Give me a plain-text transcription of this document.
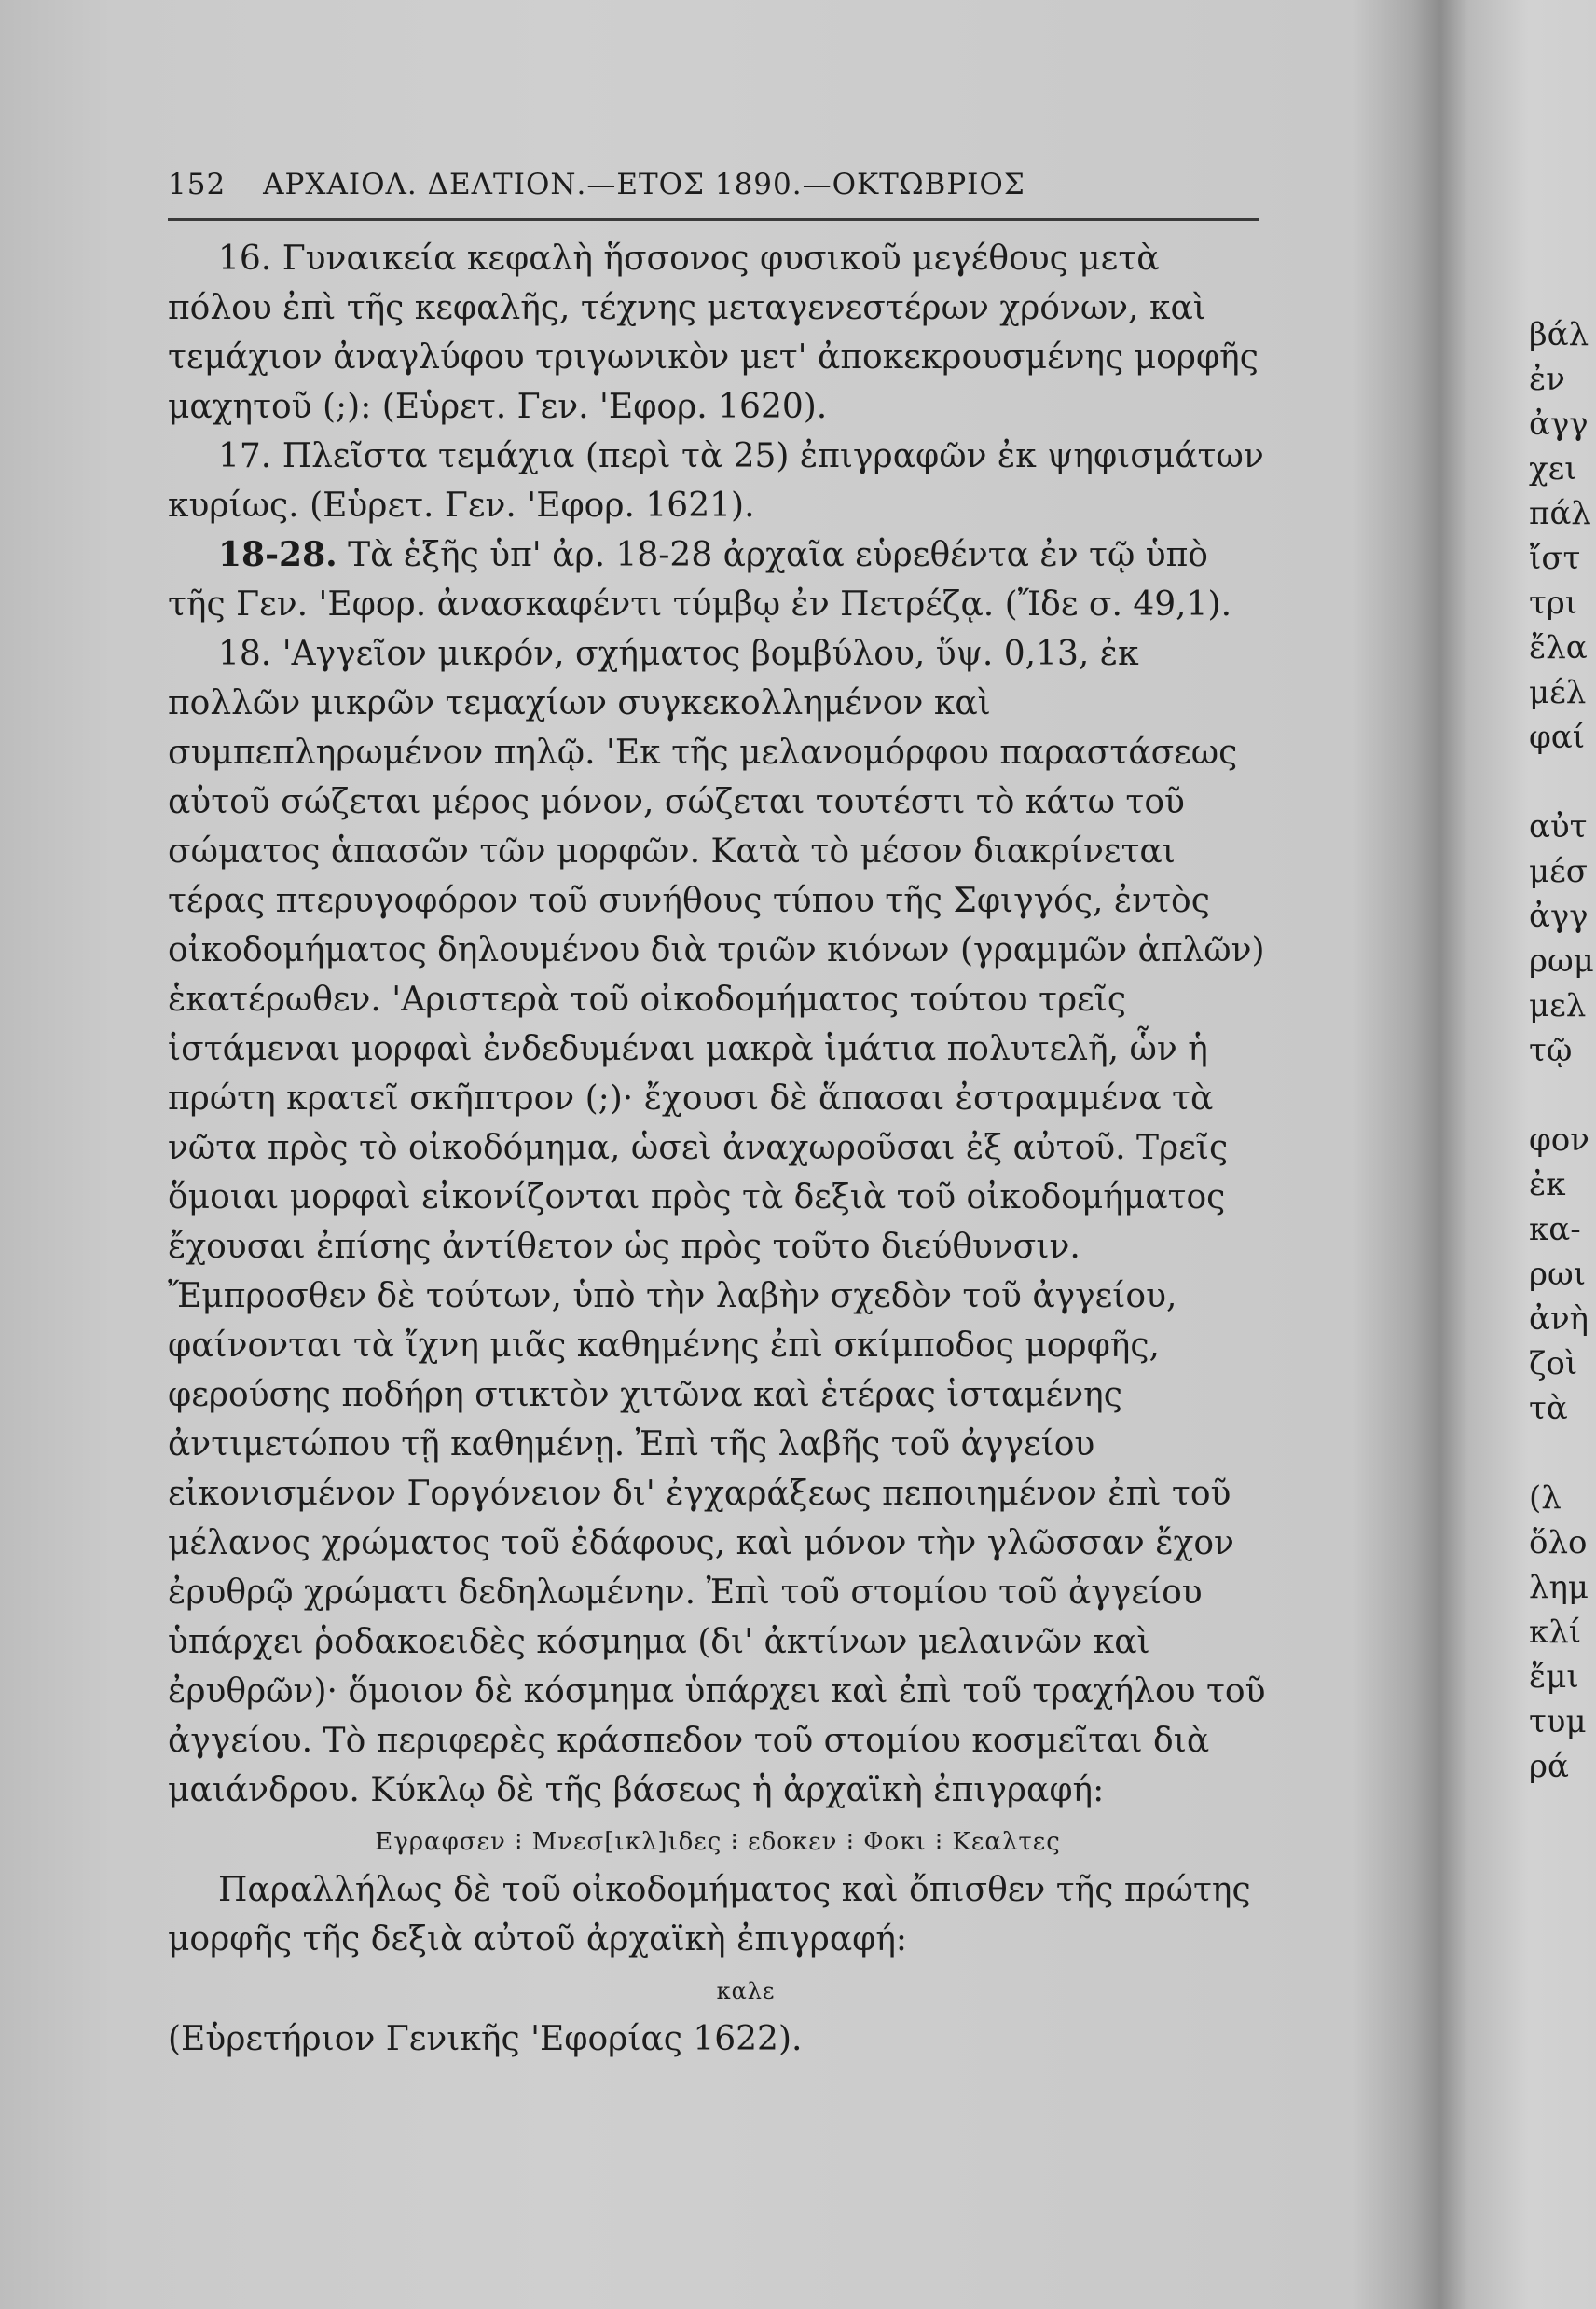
152 ΑΡΧΑΙΟΛ. ΔΕΛΤΙΟΝ.—ΕΤΟΣ 1890.—ΟΚΤΩΒΡΙΟΣ

16. Γυναικεία κεφαλὴ ἥσσονος φυσικοῦ μεγέθους μετὰ πόλου ἐπὶ τῆς κεφαλῆς, τέχνης μεταγενεστέρων χρόνων, καὶ τεμάχιον ἀναγλύφου τριγωνικὸν μετ' ἀποκεκρουσμένης μορφῆς μαχητοῦ (;): (Εὑρετ. Γεν. 'Εφορ. 1620).

17. Πλεῖστα τεμάχια (περὶ τὰ 25) ἐπιγραφῶν ἐκ ψηφισμάτων κυρίως. (Εὑρετ. Γεν. 'Εφορ. 1621).

18-28. Τὰ ἑξῆς ὑπ' ἀρ. 18-28 ἀρχαῖα εὑρεθέντα ἐν τῷ ὑπὸ τῆς Γεν. 'Εφορ. ἀνασκαφέντι τύμβῳ ἐν Πετρέζᾳ. (Ἴδε σ. 49,1).

18. 'Αγγεῖον μικρόν, σχήματος βομβύλου, ὕψ. 0,13, ἐκ πολλῶν μικρῶν τεμαχίων συγκεκολλημένον καὶ συμπεπληρωμένον πηλῷ. 'Εκ τῆς μελανομόρφου παραστάσεως αὐτοῦ σώζεται μέρος μόνον, σώζεται τουτέστι τὸ κάτω τοῦ σώματος ἁπασῶν τῶν μορφῶν. Κατὰ τὸ μέσον διακρίνεται τέρας πτερυγοφόρον τοῦ συνήθους τύπου τῆς Σφιγγός, ἐντὸς οἰκοδομήματος δηλουμένου διὰ τριῶν κιόνων (γραμμῶν ἁπλῶν) ἑκατέρωθεν. 'Αριστερὰ τοῦ οἰκοδομήματος τούτου τρεῖς ἱστάμεναι μορφαὶ ἐνδεδυμέναι μακρὰ ἱμάτια πολυτελῆ, ὧν ἡ πρώτη κρατεῖ σκῆπτρον (;)· ἔχουσι δὲ ἅπασαι ἐστραμμένα τὰ νῶτα πρὸς τὸ οἰκοδόμημα, ὡσεὶ ἀναχωροῦσαι ἐξ αὐτοῦ. Τρεῖς ὅμοιαι μορφαὶ εἰκονίζονται πρὸς τὰ δεξιὰ τοῦ οἰκοδομήματος ἔχουσαι ἐπίσης ἀντίθετον ὡς πρὸς τοῦτο διεύθυνσιν. Ἔμπροσθεν δὲ τούτων, ὑπὸ τὴν λαβὴν σχεδὸν τοῦ ἀγγείου, φαίνονται τὰ ἴχνη μιᾶς καθημένης ἐπὶ σκίμποδος μορφῆς, φερούσης ποδήρη στικτὸν χιτῶνα καὶ ἑτέρας ἱσταμένης ἀντιμετώπου τῇ καθημένῃ. Ἐπὶ τῆς λαβῆς τοῦ ἀγγείου εἰκονισμένον Γοργόνειον δι' ἐγχαράξεως πεποιημένον ἐπὶ τοῦ μέλανος χρώματος τοῦ ἐδάφους, καὶ μόνον τὴν γλῶσσαν ἔχον ἐρυθρῷ χρώματι δεδηλωμένην. Ἐπὶ τοῦ στομίου τοῦ ἀγγείου ὑπάρχει ῥοδακοειδὲς κόσμημα (δι' ἀκτίνων μελαινῶν καὶ ἐρυθρῶν)· ὅμοιον δὲ κόσμημα ὑπάρχει καὶ ἐπὶ τοῦ τραχήλου τοῦ ἀγγείου. Τὸ περιφερὲς κράσπεδον τοῦ στομίου κοσμεῖται διὰ μαιάνδρου. Κύκλῳ δὲ τῆς βάσεως ἡ ἀρχαϊκὴ ἐπιγραφή:

Εγραφσεν ⁝ Μνεσ[ικλ]ιδες ⁝ εδοκεν ⁝ Φοκι ⁝ Κεαλτες

Παραλλήλως δὲ τοῦ οἰκοδομήματος καὶ ὄπισθεν τῆς πρώτης μορφῆς τῆς δεξιὰ αὐτοῦ ἀρχαϊκὴ ἐπιγραφή:

καλε

(Εὑρετήριον Γενικῆς 'Εφορίας 1622).

βάλ
ἐν
ἀγγ
χει
πάλ
ἴστ
τρι
ἔλα
μέλ
φαί
αὐτ
μέσ
ἀγγ
ρωμ
μελ
τῷ
φον
ἐκ
κα-
ρωι
ἀνὴ
ζοὶ
τὰ
(λ
ὅλο
λημ
κλί
ἔμι
τυμ
ρά
